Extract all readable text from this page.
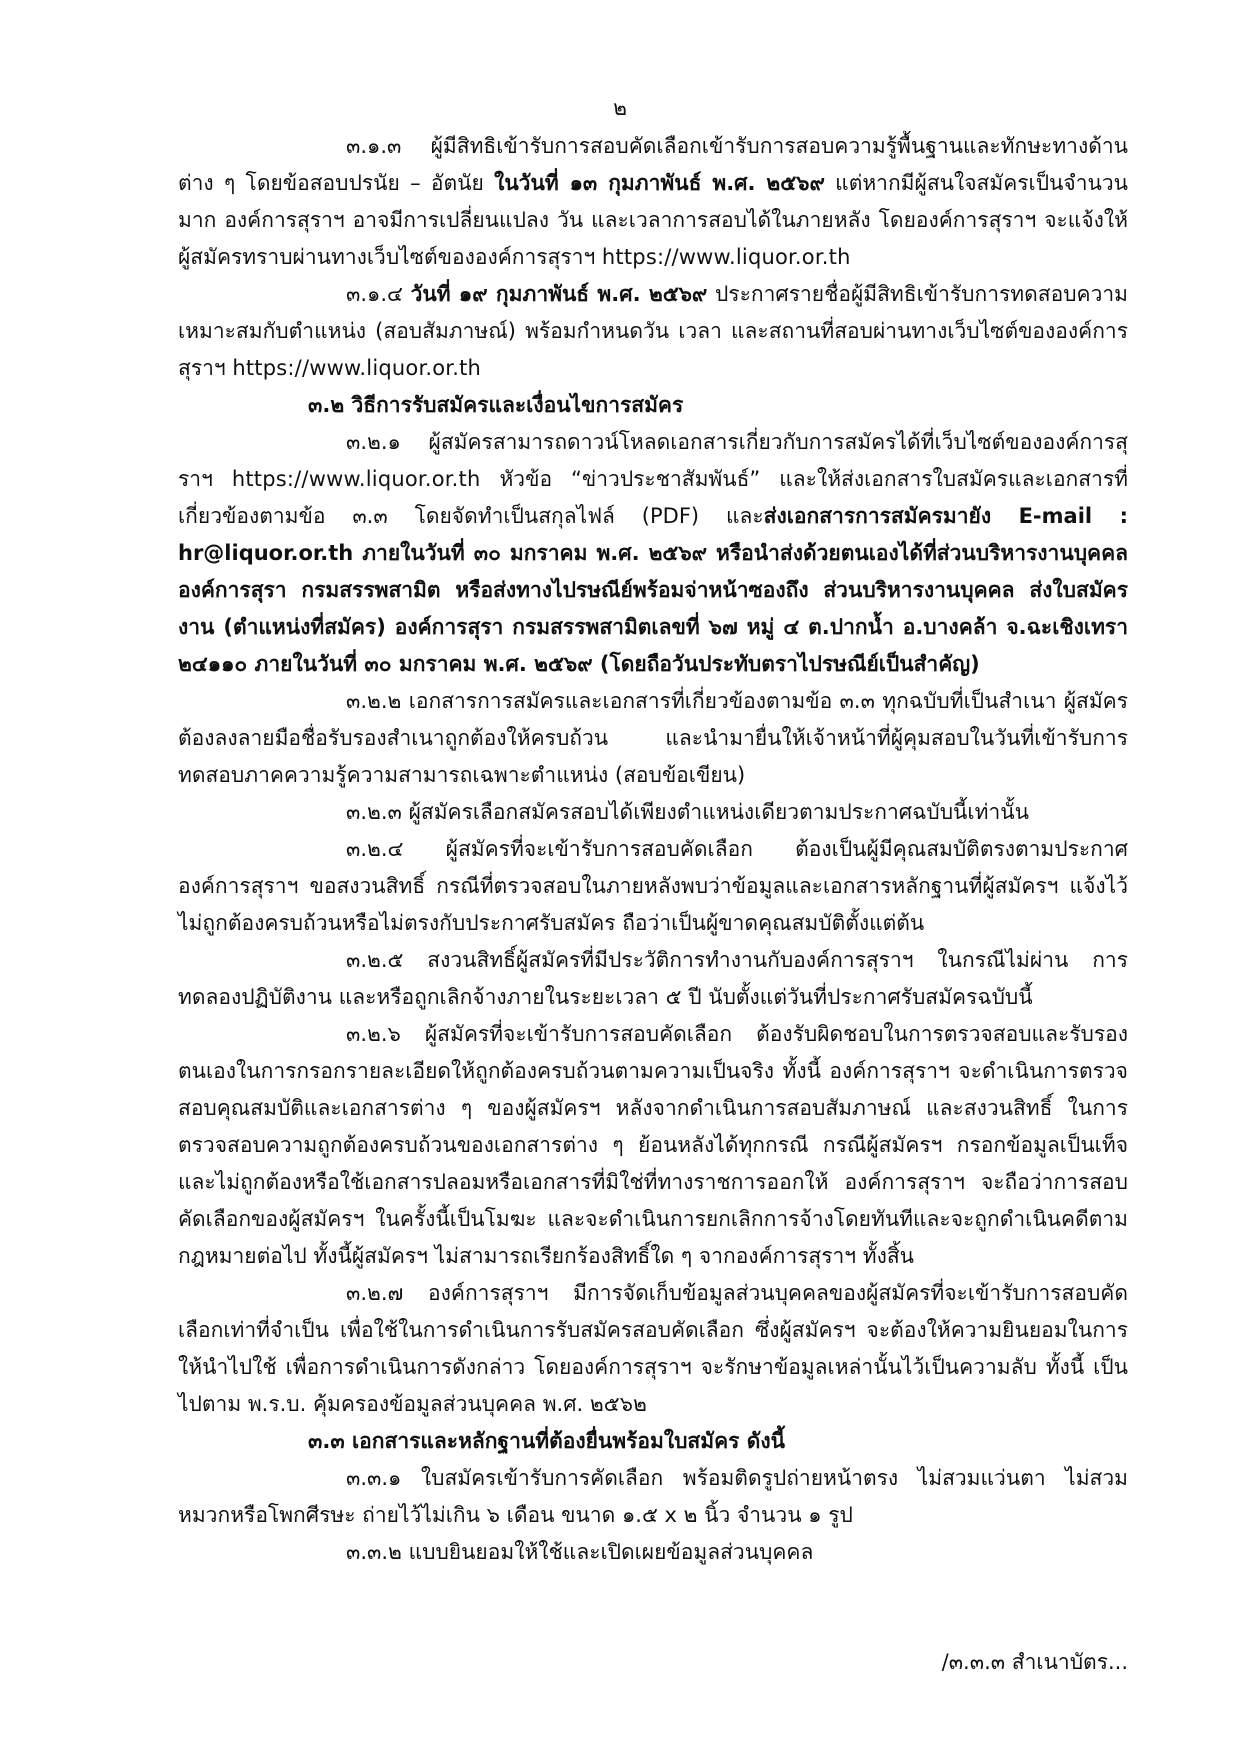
๒

๓.๑.๓ ผู้มีสิทธิเข้ารับการสอบคัดเลือกเข้ารับการสอบความรู้พื้นฐานและทักษะทางด้านต่าง ๆ โดยข้อสอบปรนัย – อัตนัย ในวันที่ ๑๓ กุมภาพันธ์ พ.ศ. ๒๕๖๙ แต่หากมีผู้สนใจสมัครเป็นจำนวนมาก องค์การสุราฯ อาจมีการเปลี่ยนแปลง วัน และเวลาการสอบได้ในภายหลัง โดยองค์การสุราฯ จะแจ้งให้ผู้สมัครทราบผ่านทางเว็บไซต์ขององค์การสุราฯ https://www.liquor.or.th

๓.๑.๔ วันที่ ๑๙ กุมภาพันธ์ พ.ศ. ๒๕๖๙ ประกาศรายชื่อผู้มีสิทธิเข้ารับการทดสอบความเหมาะสมกับตำแหน่ง (สอบสัมภาษณ์) พร้อมกำหนดวัน เวลา และสถานที่สอบผ่านทางเว็บไซต์ขององค์การสุราฯ https://www.liquor.or.th

๓.๒ วิธีการรับสมัครและเงื่อนไขการสมัคร

๓.๒.๑ ผู้สมัครสามารถดาวน์โหลดเอกสารเกี่ยวกับการสมัครได้ที่เว็บไซต์ขององค์การสุราฯ https://www.liquor.or.th หัวข้อ “ข่าวประชาสัมพันธ์” และให้ส่งเอกสารใบสมัครและเอกสารที่เกี่ยวข้องตามข้อ ๓.๓ โดยจัดทำเป็นสกุลไฟล์ (PDF) และส่งเอกสารการสมัครมายัง E-mail : hr@liquor.or.th ภายในวันที่ ๓๐ มกราคม พ.ศ. ๒๕๖๙ หรือนำส่งด้วยตนเองได้ที่ส่วนบริหารงานบุคคล องค์การสุรา กรมสรรพสามิต หรือส่งทางไปรษณีย์พร้อมจ่าหน้าซองถึง ส่วนบริหารงานบุคคล ส่งใบสมัครงาน (ตำแหน่งที่สมัคร) องค์การสุรา กรมสรรพสามิตเลขที่ ๖๗ หมู่ ๔ ต.ปากน้ำ อ.บางคล้า จ.ฉะเชิงเทรา ๒๔๑๑๐ ภายในวันที่ ๓๐ มกราคม พ.ศ. ๒๕๖๙ (โดยถือวันประทับตราไปรษณีย์เป็นสำคัญ)

๓.๒.๒ เอกสารการสมัครและเอกสารที่เกี่ยวข้องตามข้อ ๓.๓ ทุกฉบับที่เป็นสำเนา ผู้สมัครต้องลงลายมือชื่อรับรองสำเนาถูกต้องให้ครบถ้วน และนำมายื่นให้เจ้าหน้าที่ผู้คุมสอบในวันที่เข้ารับการทดสอบภาคความรู้ความสามารถเฉพาะตำแหน่ง (สอบข้อเขียน)

๓.๒.๓ ผู้สมัครเลือกสมัครสอบได้เพียงตำแหน่งเดียวตามประกาศฉบับนี้เท่านั้น

๓.๒.๔ ผู้สมัครที่จะเข้ารับการสอบคัดเลือก ต้องเป็นผู้มีคุณสมบัติตรงตามประกาศ องค์การสุราฯ ขอสงวนสิทธิ์ กรณีที่ตรวจสอบในภายหลังพบว่าข้อมูลและเอกสารหลักฐานที่ผู้สมัครฯ แจ้งไว้ไม่ถูกต้องครบถ้วนหรือไม่ตรงกับประกาศรับสมัคร ถือว่าเป็นผู้ขาดคุณสมบัติตั้งแต่ต้น

๓.๒.๕ สงวนสิทธิ์ผู้สมัครที่มีประวัติการทำงานกับองค์การสุราฯ ในกรณีไม่ผ่าน การทดลองปฏิบัติงาน และหรือถูกเลิกจ้างภายในระยะเวลา ๕ ปี นับตั้งแต่วันที่ประกาศรับสมัครฉบับนี้

๓.๒.๖ ผู้สมัครที่จะเข้ารับการสอบคัดเลือก ต้องรับผิดชอบในการตรวจสอบและรับรองตนเองในการกรอกรายละเอียดให้ถูกต้องครบถ้วนตามความเป็นจริง ทั้งนี้ องค์การสุราฯ จะดำเนินการตรวจสอบคุณสมบัติและเอกสารต่าง ๆ ของผู้สมัครฯ หลังจากดำเนินการสอบสัมภาษณ์ และสงวนสิทธิ์ ในการตรวจสอบความถูกต้องครบถ้วนของเอกสารต่าง ๆ ย้อนหลังได้ทุกกรณี กรณีผู้สมัครฯ กรอกข้อมูลเป็นเท็จ และไม่ถูกต้องหรือใช้เอกสารปลอมหรือเอกสารที่มิใช่ที่ทางราชการออกให้ องค์การสุราฯ จะถือว่าการสอบคัดเลือกของผู้สมัครฯ ในครั้งนี้เป็นโมฆะ และจะดำเนินการยกเลิกการจ้างโดยทันทีและจะถูกดำเนินคดีตามกฎหมายต่อไป ทั้งนี้ผู้สมัครฯ ไม่สามารถเรียกร้องสิทธิ์ใด ๆ จากองค์การสุราฯ ทั้งสิ้น

๓.๒.๗ องค์การสุราฯ มีการจัดเก็บข้อมูลส่วนบุคคลของผู้สมัครที่จะเข้ารับการสอบคัดเลือกเท่าที่จำเป็น เพื่อใช้ในการดำเนินการรับสมัครสอบคัดเลือก ซึ่งผู้สมัครฯ จะต้องให้ความยินยอมในการให้นำไปใช้ เพื่อการดำเนินการดังกล่าว โดยองค์การสุราฯ จะรักษาข้อมูลเหล่านั้นไว้เป็นความลับ ทั้งนี้ เป็นไปตาม พ.ร.บ. คุ้มครองข้อมูลส่วนบุคคล พ.ศ. ๒๕๖๒

๓.๓ เอกสารและหลักฐานที่ต้องยื่นพร้อมใบสมัคร ดังนี้

๓.๓.๑ ใบสมัครเข้ารับการคัดเลือก พร้อมติดรูปถ่ายหน้าตรง ไม่สวมแว่นตา ไม่สวมหมวกหรือโพกศีรษะ ถ่ายไว้ไม่เกิน ๖ เดือน ขนาด ๑.๕ x ๒ นิ้ว จำนวน ๑ รูป

๓.๓.๒ แบบยินยอมให้ใช้และเปิดเผยข้อมูลส่วนบุคคล

/๓.๓.๓ สำเนาบัตร...
